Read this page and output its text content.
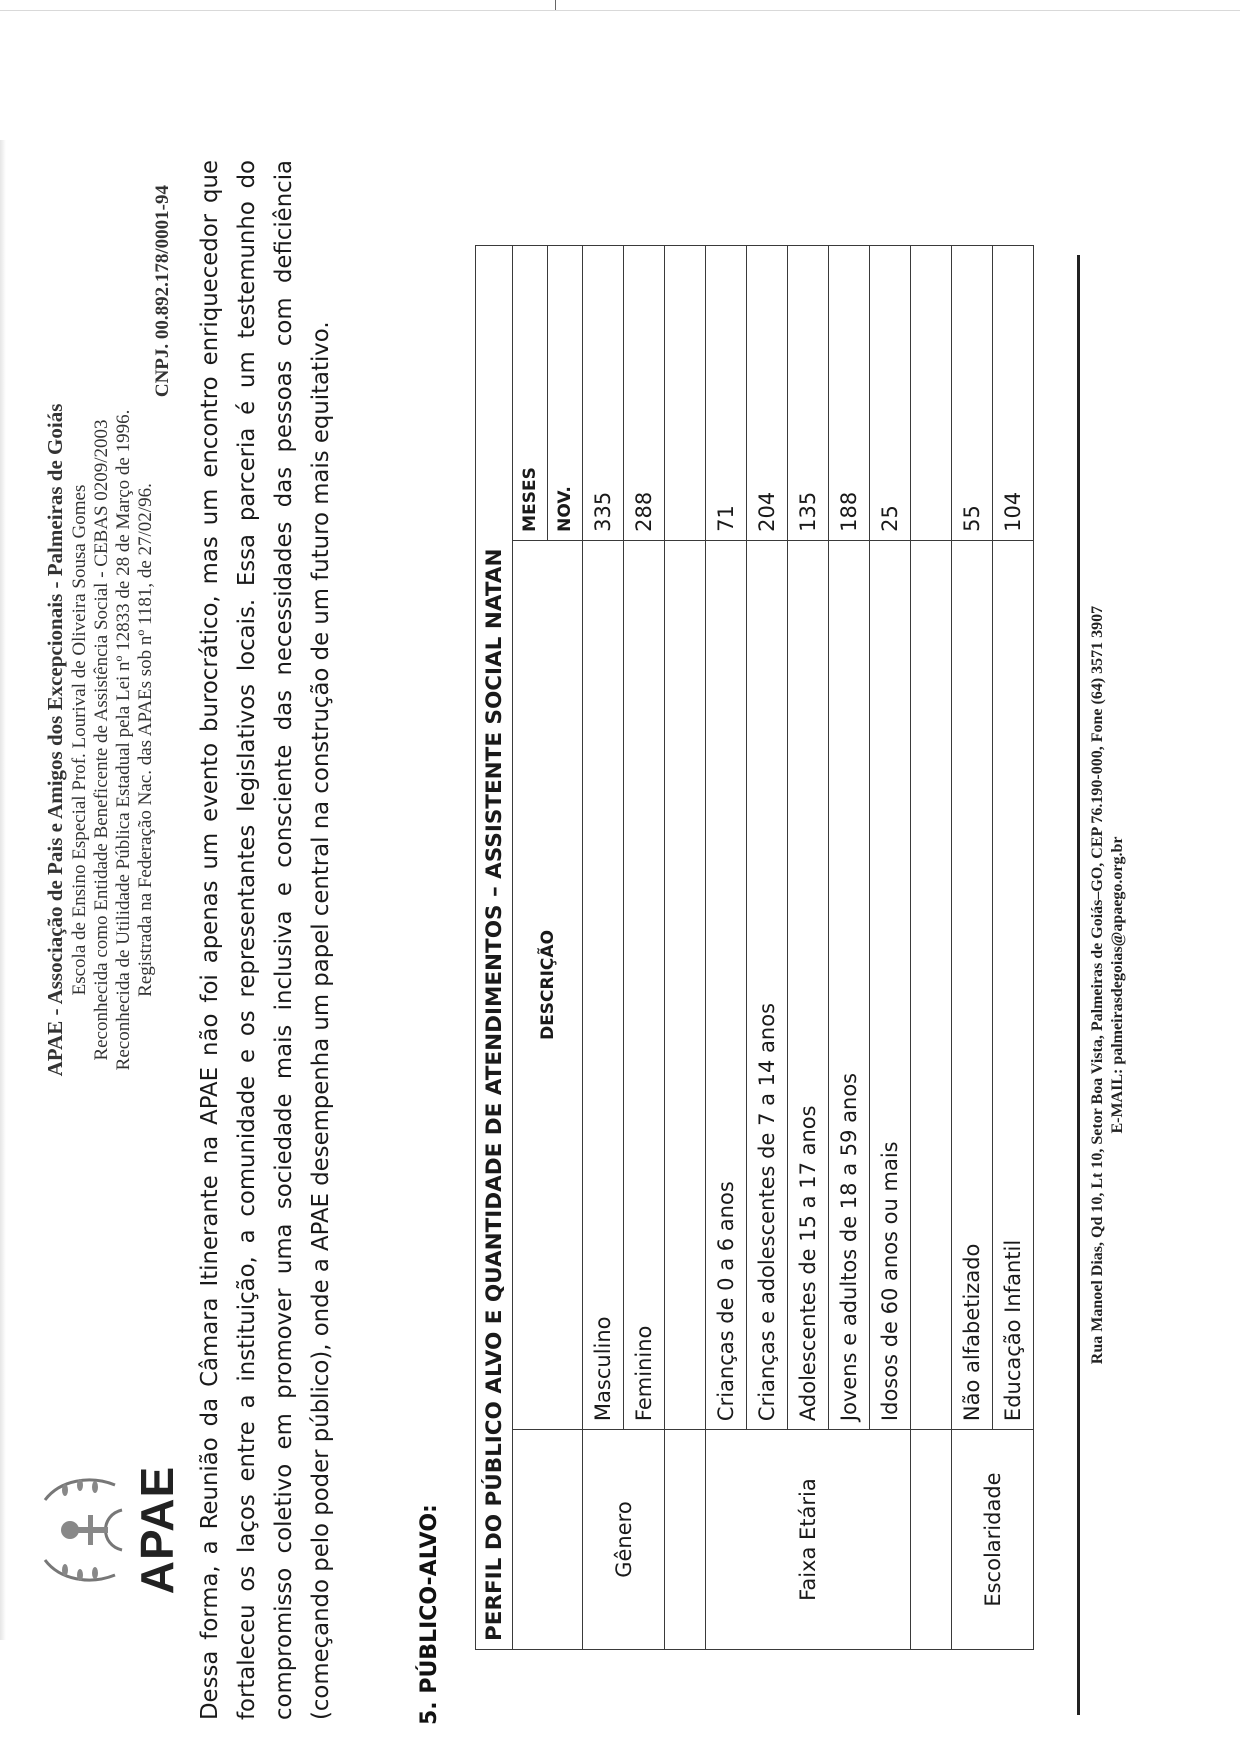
APAE
APAE - Associação de Pais e Amigos dos Excepcionais - Palmeiras de Goiás Escola de Ensino Especial Prof. Lourival de Oliveira Sousa Gomes Reconhecida como Entidade Beneficente de Assistência Social - CEBAS 0209/2003 Reconhecida de Utilidade Pública Estadual pela Lei nº 12833 de 28 de Março de 1996. Registrada na Federação Nac. das APAEs sob nº 1181, de 27/02/96.
CNPJ. 00.892.178/0001-94 Dessa forma, a Reunião da Câmara Itinerante na APAE não foi apenas um evento burocrático, mas um encontro enriquecedor que fortaleceu os laços entre a instituição, a comunidade e os representantes legislativos locais. Essa parceria é um testemunho do compromisso coletivo em promover uma sociedade mais inclusiva e consciente das necessidades das pessoas com deficiência (começando pelo poder público), onde a APAE desempenha um papel central na construção de um futuro mais equitativo.	5. PÚBLICO-ALVO: PERFIL DO PÚBLICO ALVO E QUANTIDADE DE ATENDIMENTOS – ASSISTENTE SOCIAL NATAN		
	DESCRIÇÃO	MESES
		NOV.
Gênero	Masculino	335
	Feminino	288

Faixa Etária	Crianças de 0 a 6 anos	71
	Crianças e adolescentes de 7 a 14 anos	204
	Adolescentes de 15 a 17 anos	135
	Jovens e adultos de 18 a 59 anos	188
	Idosos de 60 anos ou mais	25

Escolaridade	Não alfabetizado	55
	Educação Infantil	104
Rua Manoel Dias, Qd 10, Lt 10, Setor Boa Vista, Palmeiras de Goiás–GO, CEP 76.190-000, Fone (64) 3571 3907 E-MAIL: palmeirasdegoias@apaego.org.br
